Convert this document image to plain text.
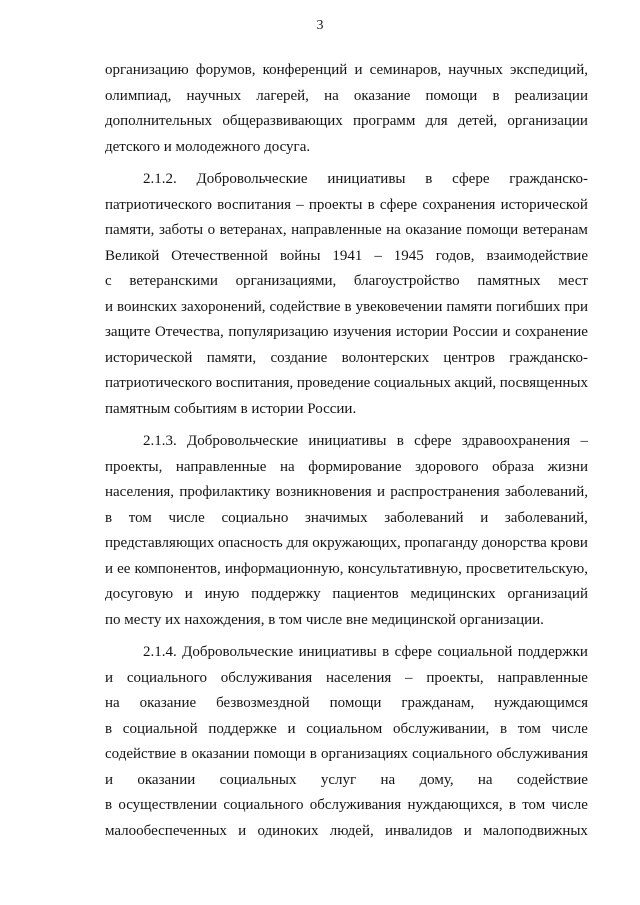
3
организацию форумов, конференций и семинаров, научных экспедиций,
олимпиад, научных лагерей, на оказание помощи в реализации
дополнительных общеразвивающих программ для детей, организации
детского и молодежного досуга.
2.1.2. Добровольческие инициативы в сфере гражданско-
патриотического воспитания – проекты в сфере сохранения исторической
памяти, заботы о ветеранах, направленные на оказание помощи ветеранам
Великой Отечественной войны 1941 – 1945 годов, взаимодействие
с ветеранскими организациями, благоустройство памятных мест
и воинских захоронений, содействие в увековечении памяти погибших при
защите Отечества, популяризацию изучения истории России и сохранение
исторической памяти, создание волонтерских центров гражданско-
патриотического воспитания, проведение социальных акций, посвященных
памятным событиям в истории России.
2.1.3. Добровольческие инициативы в сфере здравоохранения –
проекты, направленные на формирование здорового образа жизни
населения, профилактику возникновения и распространения заболеваний,
в том числе социально значимых заболеваний и заболеваний,
представляющих опасность для окружающих, пропаганду донорства крови
и ее компонентов, информационную, консультативную, просветительскую,
досуговую и иную поддержку пациентов медицинских организаций
по месту их нахождения, в том числе вне медицинской организации.
2.1.4. Добровольческие инициативы в сфере социальной поддержки
и социального обслуживания населения – проекты, направленные
на оказание безвозмездной помощи гражданам, нуждающимся
в социальной поддержке и социальном обслуживании, в том числе
содействие в оказании помощи в организациях социального обслуживания
и оказании социальных услуг на дому, на содействие
в осуществлении социального обслуживания нуждающихся, в том числе
малообеспеченных и одиноких людей, инвалидов и малоподвижных
